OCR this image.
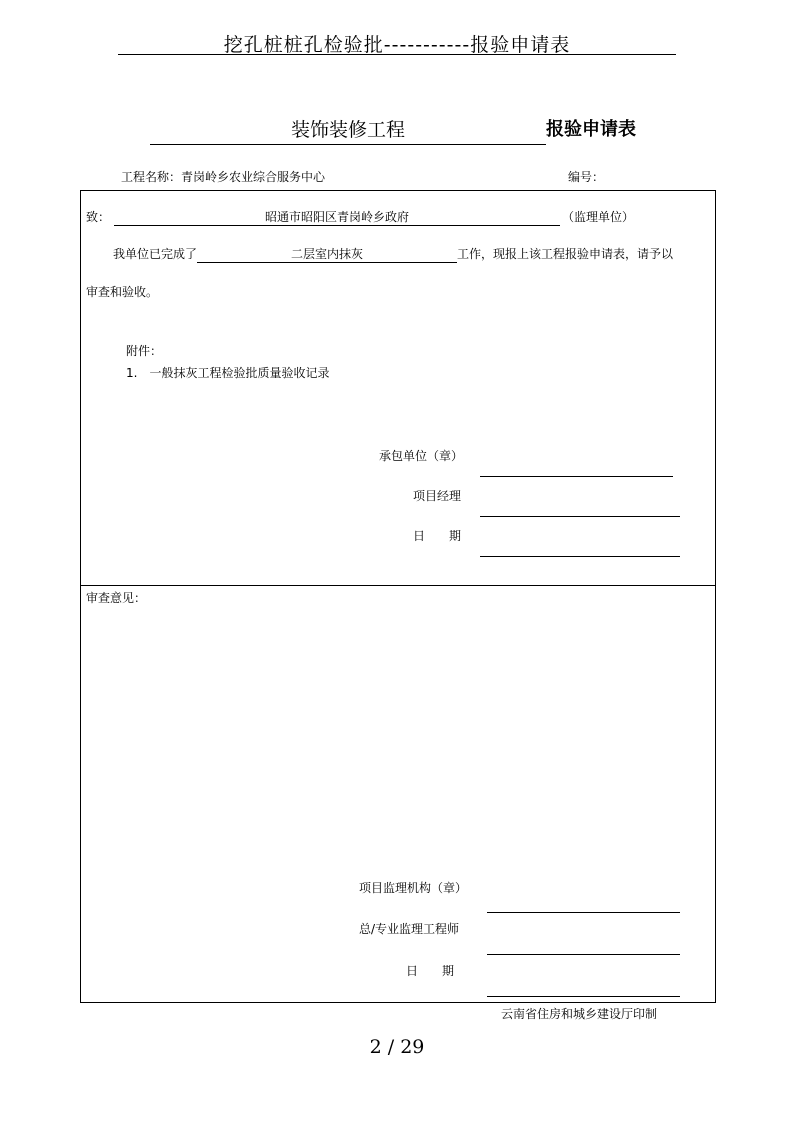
挖孔桩桩孔检验批-----------报验申请表
装饰装修工程	报验申请表
工程名称：青岗岭乡农业综合服务中心	编号：
致：	昭通市昭阳区青岗岭乡政府	（监理单位）
我单位已完成了	二层室内抹灰	工作，现报上该工程报验申请表，请予以
审查和验收。
附件：
1.　一般抹灰工程检验批质量验收记录
承包单位（章）
项目经理
日　　期
审查意见：
项目监理机构（章）
总/专业监理工程师
日　　期
云南省住房和城乡建设厅印制
2 / 29
